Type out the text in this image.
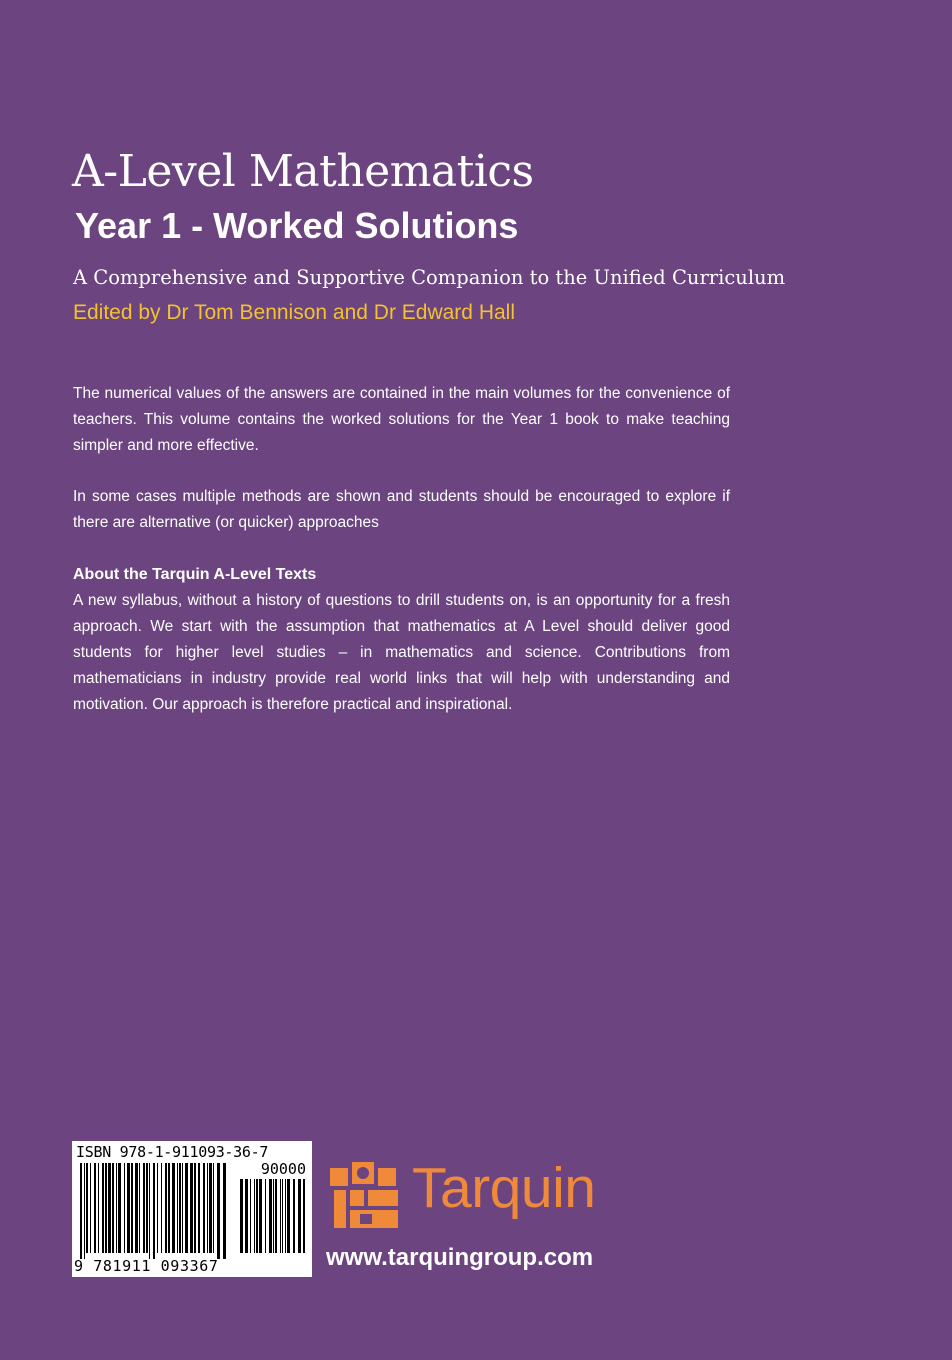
A-Level Mathematics
Year 1 - Worked Solutions
A Comprehensive and Supportive Companion to the Unified Curriculum
Edited by Dr Tom Bennison and Dr Edward Hall

The numerical values of the answers are contained in the main volumes for the convenience of teachers. This volume contains the worked solutions for the Year 1 book to make teaching simpler and more effective.

In some cases multiple methods are shown and students should be encouraged to explore if there are alternative (or quicker) approaches

About the Tarquin A-Level Texts

A new syllabus, without a history of questions to drill students on, is an opportunity for a fresh approach. We start with the assumption that mathematics at A Level should deliver good students for higher level studies – in mathematics and science. Contributions from mathematicians in industry provide real world links that will help with understanding and motivation. Our approach is therefore practical and inspirational.

ISBN 978-1-911093-36-7
90000
9 781911 093367
Tarquin
www.tarquingroup.com
